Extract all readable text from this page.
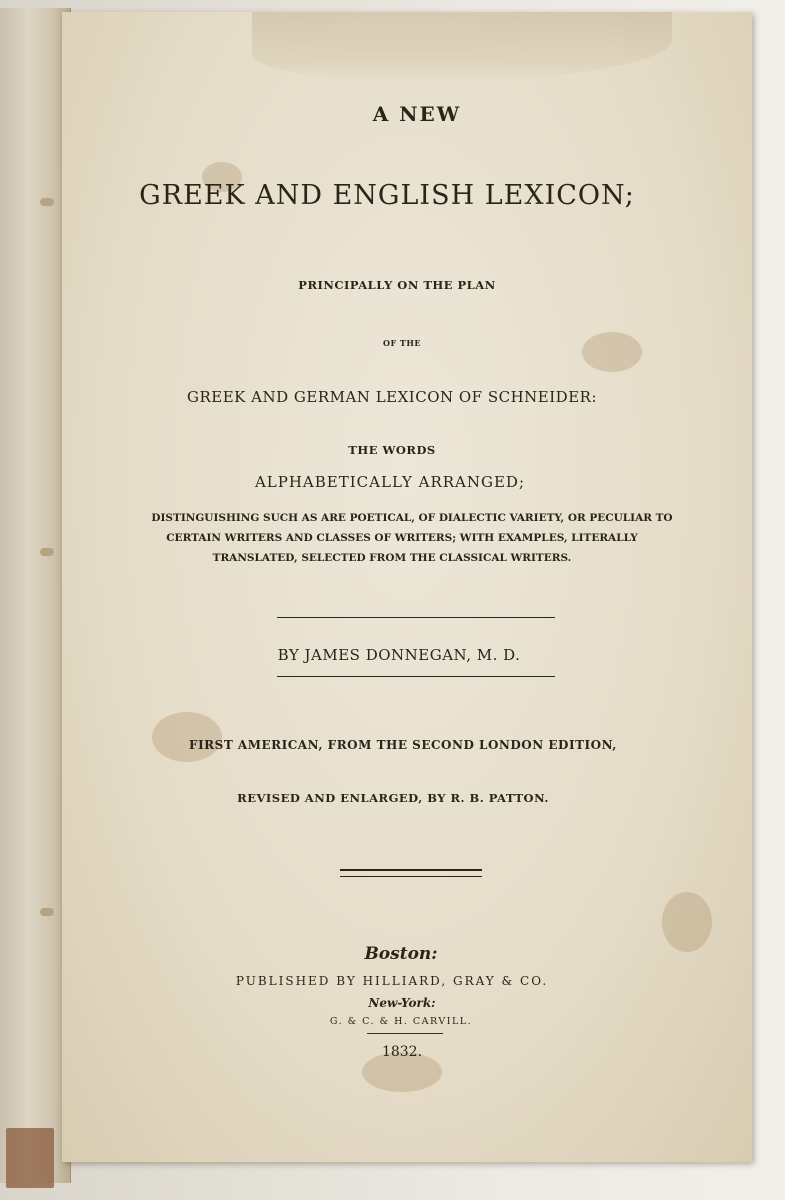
A NEW
GREEK AND ENGLISH LEXICON;
PRINCIPALLY ON THE PLAN
OF THE
GREEK AND GERMAN LEXICON OF SCHNEIDER:
THE WORDS
ALPHABETICALLY ARRANGED;
DISTINGUISHING SUCH AS ARE POETICAL, OF DIALECTIC VARIETY, OR PECULIAR TO
CERTAIN WRITERS AND CLASSES OF WRITERS; WITH EXAMPLES, LITERALLY
TRANSLATED, SELECTED FROM THE CLASSICAL WRITERS.
BY JAMES DONNEGAN, M. D.
FIRST AMERICAN, FROM THE SECOND LONDON EDITION,
REVISED AND ENLARGED, BY R. B. PATTON.
Boston:
PUBLISHED BY HILLIARD, GRAY & CO.
New-York:
G. & C. & H. CARVILL.
1832.
